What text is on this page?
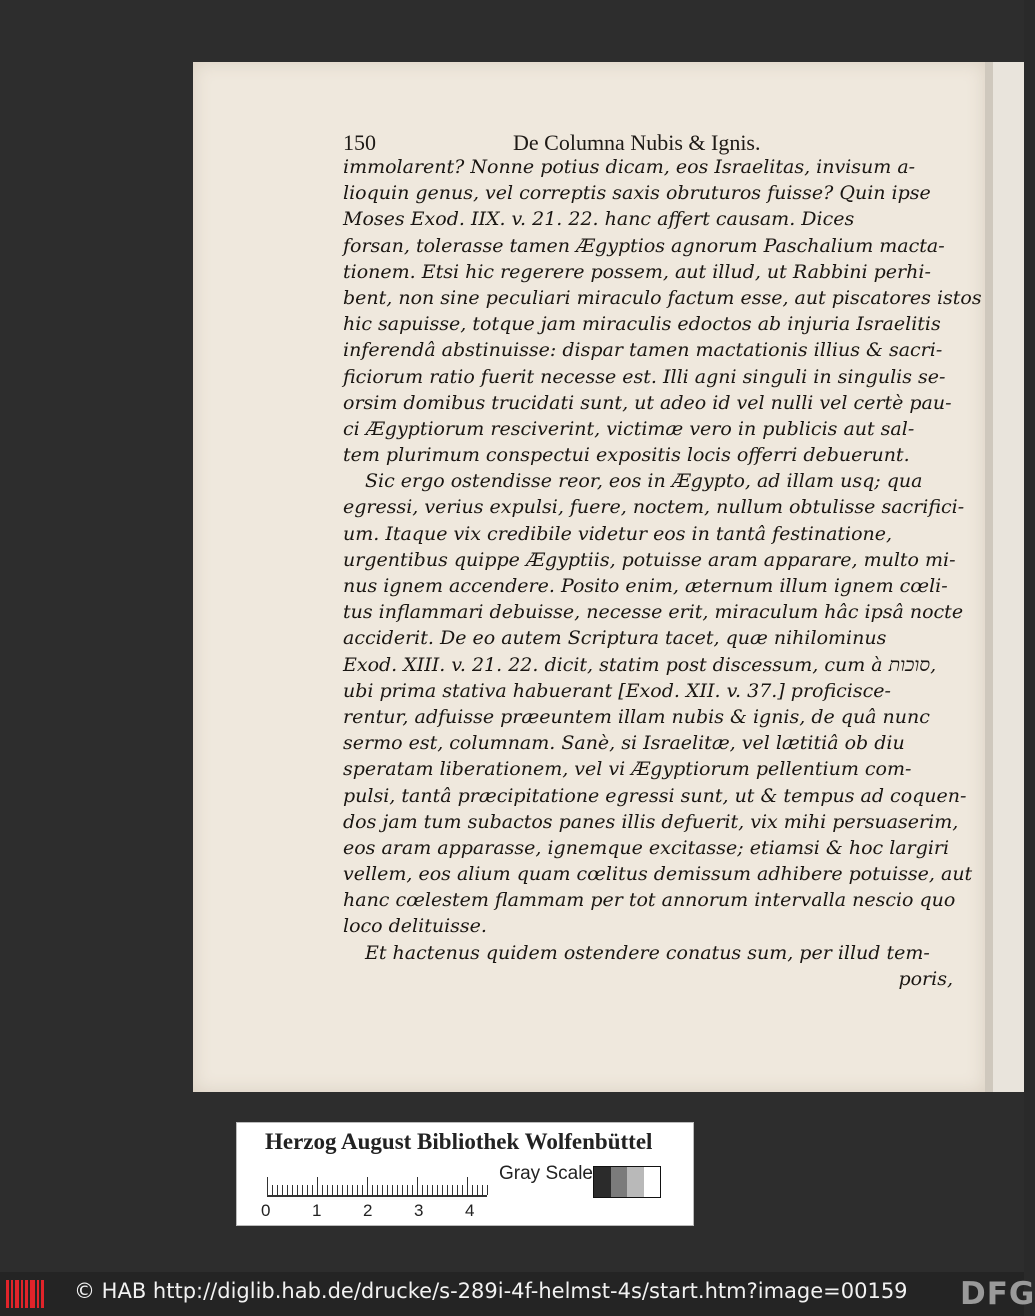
150	De Columna Nubis & Ignis.
immolarent? Nonne potius dicam, eos Israelitas, invisum a-
lioquin genus, vel correptis saxis obruturos fuisse? Quin ipse
Moses Exod. IIX. v. 21. 22. hanc affert causam. Dices
forsan, tolerasse tamen Ægyptios agnorum Paschalium macta-
tionem. Etsi hic regerere possem, aut illud, ut Rabbini perhi-
bent, non sine peculiari miraculo factum esse, aut piscatores istos
hic sapuisse, totque jam miraculis edoctos ab injuria Israelitis
inferendâ abstinuisse: dispar tamen mactationis illius & sacri-
ficiorum ratio fuerit necesse est. Illi agni singuli in singulis se-
orsim domibus trucidati sunt, ut adeo id vel nulli vel certè pau-
ci Ægyptiorum resciverint, victimæ vero in publicis aut sal-
tem plurimum conspectui expositis locis offerri debuerunt.
Sic ergo ostendisse reor, eos in Ægypto, ad illam usq; qua
egressi, verius expulsi, fuere, noctem, nullum obtulisse sacrifici-
um. Itaque vix credibile videtur eos in tantâ festinatione,
urgentibus quippe Ægyptiis, potuisse aram apparare, multo mi-
nus ignem accendere. Posito enim, æternum illum ignem cœli-
tus inflammari debuisse, necesse erit, miraculum hâc ipsâ nocte
acciderit. De eo autem Scriptura tacet, quæ nihilominus
Exod. XIII. v. 21. 22. dicit, statim post discessum, cum à סוכות,
ubi prima stativa habuerant [Exod. XII. v. 37.] proficisce-
rentur, adfuisse præeuntem illam nubis & ignis, de quâ nunc
sermo est, columnam. Sanè, si Israelitæ, vel lætitiâ ob diu
speratam liberationem, vel vi Ægyptiorum pellentium com-
pulsi, tantâ præcipitatione egressi sunt, ut & tempus ad coquen-
dos jam tum subactos panes illis defuerit, vix mihi persuaserim,
eos aram apparasse, ignemque excitasse; etiamsi & hoc largiri
vellem, eos alium quam cœlitus demissum adhibere potuisse, aut
hanc cœlestem flammam per tot annorum intervalla nescio quo
loco delituisse.
Et hactenus quidem ostendere conatus sum, per illud tem-
poris,
Herzog August Bibliothek Wolfenbüttel
0 1 2 3 4
Gray Scale
© HAB http://diglib.hab.de/drucke/s-289i-4f-helmst-4s/start.htm?image=00159 DFG
